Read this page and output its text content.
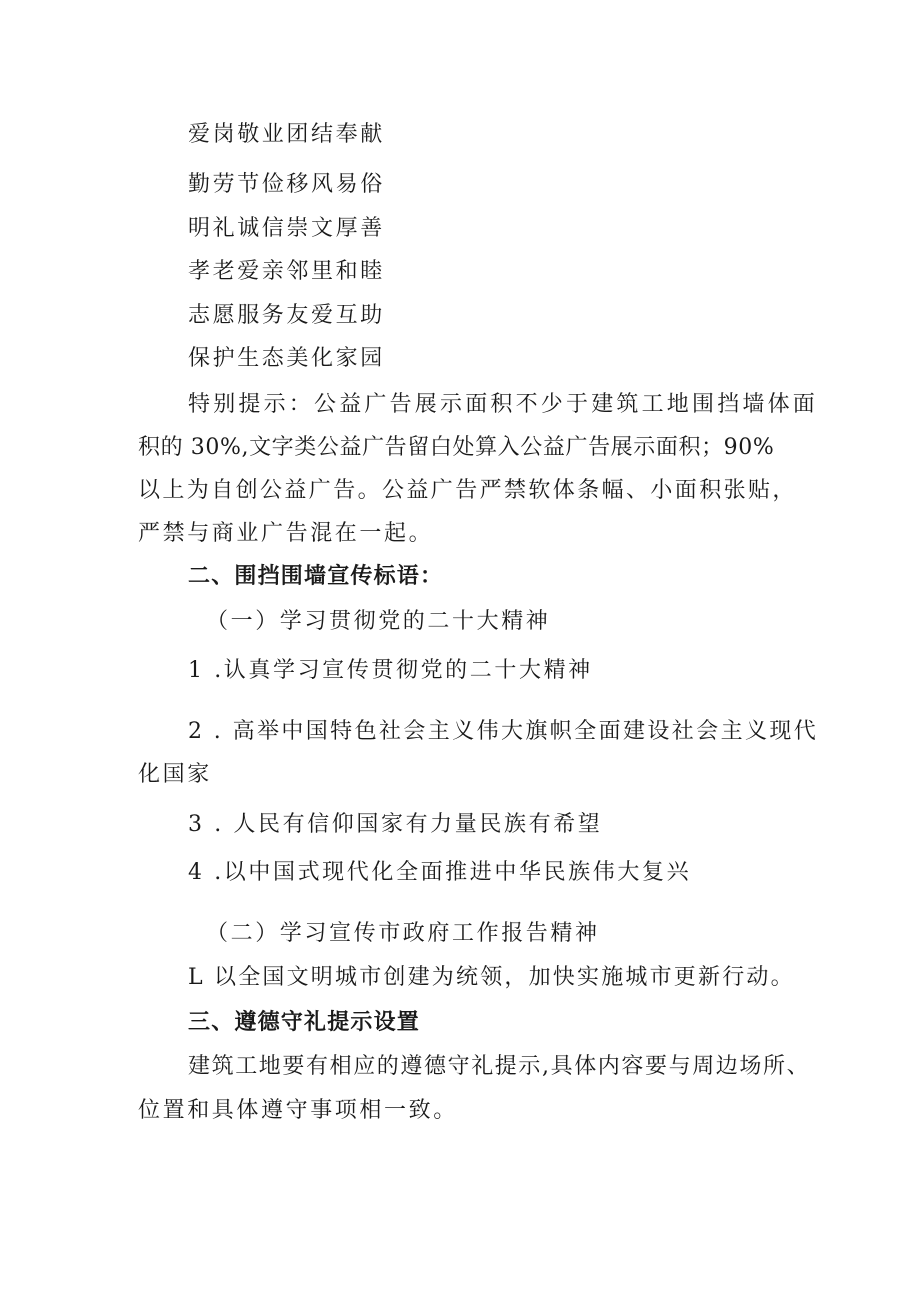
爱岗敬业团结奉献

勤劳节俭移风易俗

明礼诚信崇文厚善

孝老爱亲邻里和睦

志愿服务友爱互助

保护生态美化家园

特别提示：公益广告展示面积不少于建筑工地围挡墙体面

积的 30%,文字类公益广告留白处算入公益广告展示面积；90%

以上为自创公益广告。公益广告严禁软体条幅、小面积张贴，

严禁与商业广告混在一起。

二、围挡围墙宣传标语：

（一）学习贯彻党的二十大精神

1 .认真学习宣传贯彻党的二十大精神

2 . 高举中国特色社会主义伟大旗帜全面建设社会主义现代

化国家

3 . 人民有信仰国家有力量民族有希望

4 .以中国式现代化全面推进中华民族伟大复兴

（二）学习宣传市政府工作报告精神

L 以全国文明城市创建为统领，加快实施城市更新行动。

三、遵德守礼提示设置

建筑工地要有相应的遵德守礼提示,具体内容要与周边场所、

位置和具体遵守事项相一致。
